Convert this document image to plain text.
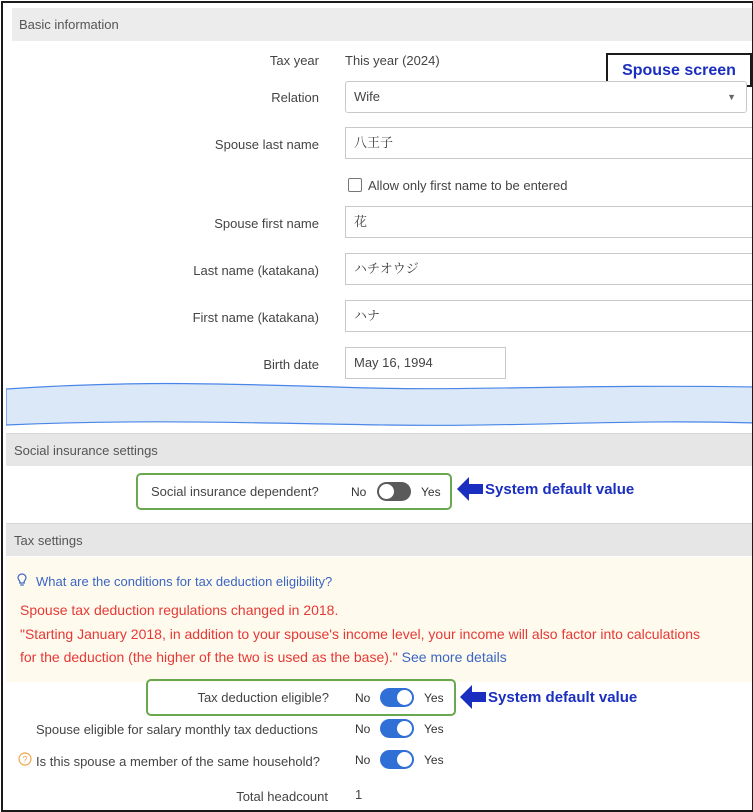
Basic information
Spouse screen
Tax year This year (2024)
Relation	Wife	▼
Spouse last name	八王子
Allow only first name to be entered
Spouse first name	花
Last name (katakana)	ハチオウジ
First name (katakana)	ハナ
Birth date	May 16, 1994
Social insurance settings
Social insurance dependent?	No	Yes	System default value
Tax settings
What are the conditions for tax deduction eligibility?
Spouse tax deduction regulations changed in 2018.
"Starting January 2018, in addition to your spouse's income level, your income will also factor into calculations
for the deduction (the higher of the two is used as the base)." See more details
Tax deduction eligible? No	Yes	System default value
Spouse eligible for salary monthly tax deductions	No	Yes
? Is this spouse a member of the same household?	No	Yes
Total headcount 1
